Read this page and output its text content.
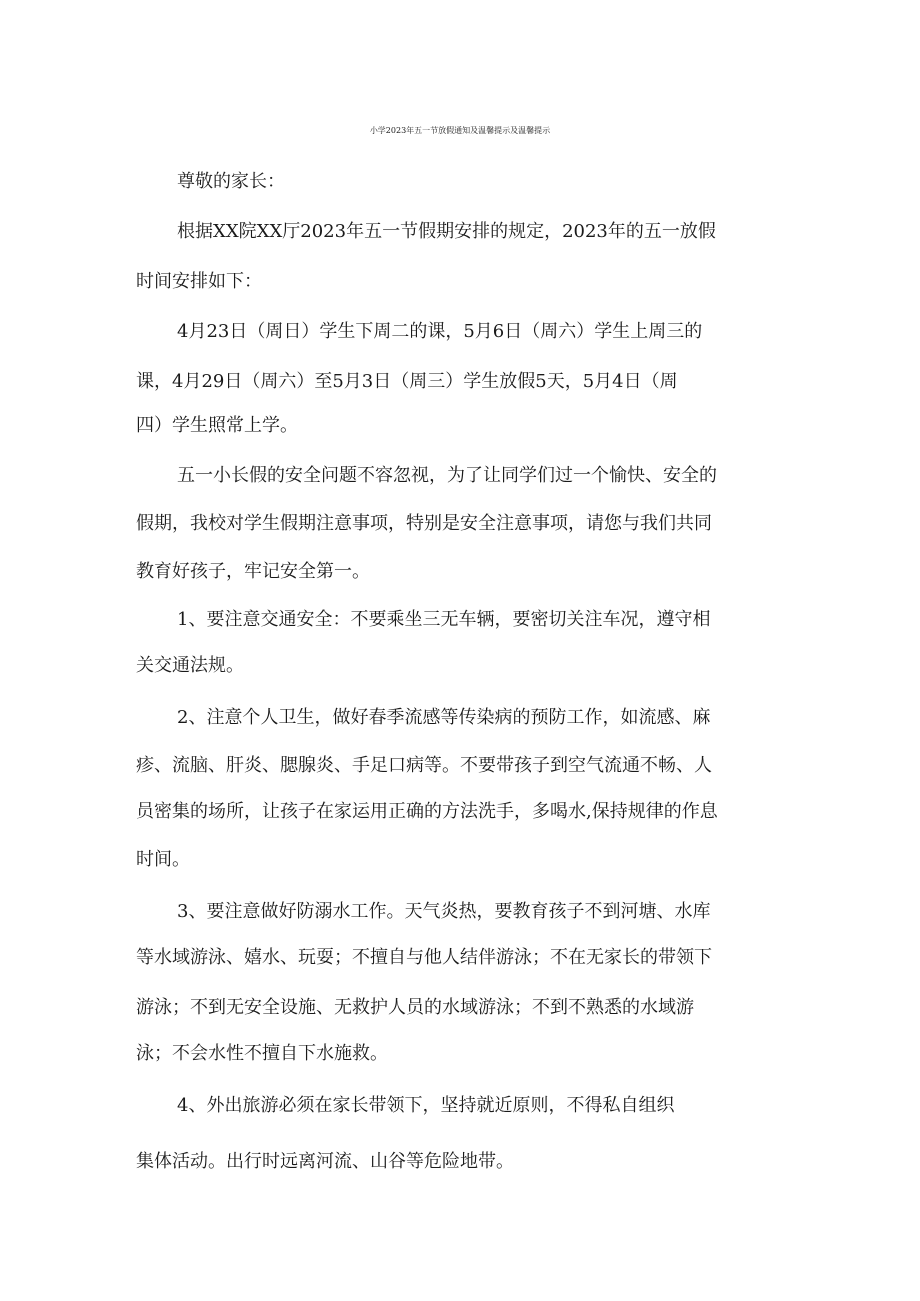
小学2023年五一节放假通知及温馨提示及温馨提示
尊敬的家长：
根据XX院XX厅2023年五一节假期安排的规定，2023年的五一放假
时间安排如下：
4月23日（周日）学生下周二的课，5月6日（周六）学生上周三的
课，4月29日（周六）至5月3日（周三）学生放假5天，5月4日（周
四）学生照常上学。
五一小长假的安全问题不容忽视，为了让同学们过一个愉快、安全的
假期，我校对学生假期注意事项，特别是安全注意事项，请您与我们共同
教育好孩子，牢记安全第一。
1、要注意交通安全：不要乘坐三无车辆，要密切关注车况，遵守相
关交通法规。
2、注意个人卫生，做好春季流感等传染病的预防工作，如流感、麻
疹、流脑、肝炎、腮腺炎、手足口病等。不要带孩子到空气流通不畅、人
员密集的场所，让孩子在家运用正确的方法洗手，多喝水,保持规律的作息
时间。
3、要注意做好防溺水工作。天气炎热，要教育孩子不到河塘、水库
等水域游泳、嬉水、玩耍；不擅自与他人结伴游泳；不在无家长的带领下
游泳；不到无安全设施、无救护人员的水域游泳；不到不熟悉的水域游
泳；不会水性不擅自下水施救。
4、外出旅游必须在家长带领下，坚持就近原则，不得私自组织
集体活动。出行时远离河流、山谷等危险地带。
